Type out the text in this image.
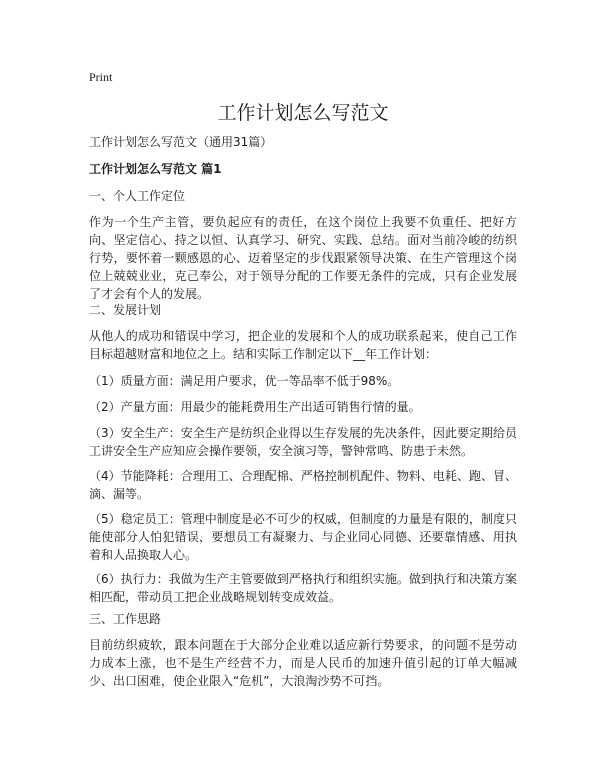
Print
工作计划怎么写范文
工作计划怎么写范文（通用31篇）
工作计划怎么写范文 篇1
一、个人工作定位

作为一个生产主管，要负起应有的责任，在这个岗位上我要不负重任、把好方向、坚定信心、持之以恒、认真学习、研究、实践、总结。面对当前冷峻的纺织行势，要怀着一颗感恩的心、迈着坚定的步伐跟紧领导决策、在生产管理这个岗位上兢兢业业，克己奉公，对于领导分配的工作要无条件的完成，只有企业发展了才会有个人的发展。

二、发展计划

从他人的成功和错误中学习，把企业的发展和个人的成功联系起来，使自己工作目标超越财富和地位之上。结和实际工作制定以下__年工作计划：

（1）质量方面：满足用户要求，优一等品率不低于98%。

（2）产量方面：用最少的能耗费用生产出适可销售行情的量。

（3）安全生产：安全生产是纺织企业得以生存发展的先决条件，因此要定期给员工讲安全生产应知应会操作要领，安全演习等，警钟常鸣、防患于未然。

（4）节能降耗：合理用工、合理配棉、严格控制机配件、物料、电耗、跑、冒、滴、漏等。

（5）稳定员工：管理中制度是必不可少的权威，但制度的力量是有限的，制度只能使部分人怕犯错误，要想员工有凝聚力、与企业同心同德、还要靠情感、用执着和人品换取人心。

（6）执行力：我做为生产主管要做到严格执行和组织实施。做到执行和决策方案相匹配，带动员工把企业战略规划转变成效益。

三、工作思路

目前纺织疲软，跟本问题在于大部分企业难以适应新行势要求，的问题不是劳动力成本上涨，也不是生产经营不力，而是人民币的加速升值引起的订单大幅减少、出口困难，使企业限入“危机”，大浪淘沙势不可挡。
